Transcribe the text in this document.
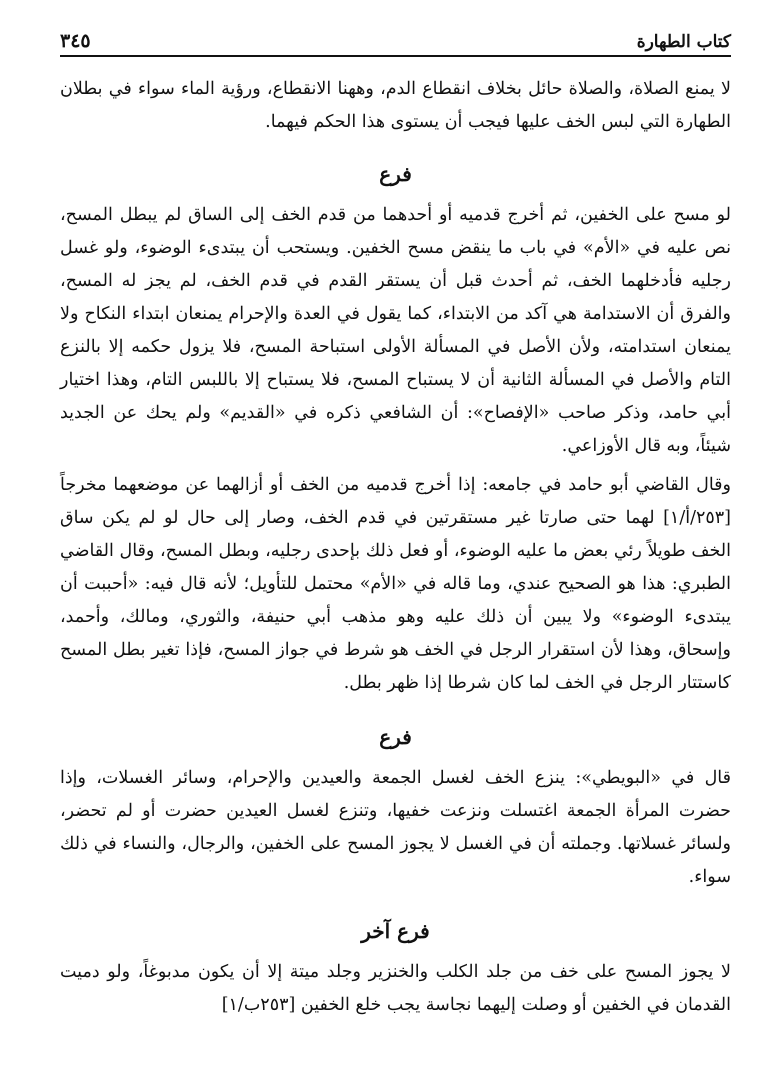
كتاب الطهارة
٣٤٥

لا يمنع الصلاة، والصلاة حائل بخلاف انقطاع الدم، وههنا الانقطاع، ورؤية الماء سواء في بطلان الطهارة التي لبس الخف عليها فيجب أن يستوى هذا الحكم فيهما.

فرع

لو مسح على الخفين، ثم أخرج قدميه أو أحدهما من قدم الخف إلى الساق لم يبطل المسح، نص عليه في «الأم» في باب ما ينقض مسح الخفين. ويستحب أن يبتدىء الوضوء، ولو غسل رجليه فأدخلهما الخف، ثم أحدث قبل أن يستقر القدم في قدم الخف، لم يجز له المسح، والفرق أن الاستدامة هي آكد من الابتداء، كما يقول في العدة والإحرام يمنعان ابتداء النكاح ولا يمنعان استدامته، ولأن الأصل في المسألة الأولى استباحة المسح، فلا يزول حكمه إلا بالنزع التام والأصل في المسألة الثانية أن لا يستباح المسح، فلا يستباح إلا باللبس التام، وهذا اختيار أبي حامد، وذكر صاحب «الإفصاح»: أن الشافعي ذكره في «القديم» ولم يحك عن الجديد شيئاً، وبه قال الأوزاعي.

وقال القاضي أبو حامد في جامعه: إذا أخرج قدميه من الخف أو أزالهما عن موضعهما مخرجاً [٢٥٣/أ/١] لهما حتى صارتا غير مستقرتين في قدم الخف، وصار إلى حال لو لم يكن ساق الخف طويلاً رئي بعض ما عليه الوضوء، أو فعل ذلك بإحدى رجليه، وبطل المسح، وقال القاضي الطبري: هذا هو الصحيح عندي، وما قاله في «الأم» محتمل للتأويل؛ لأنه قال فيه: «أحببت أن يبتدىء الوضوء» ولا يبين أن ذلك عليه وهو مذهب أبي حنيفة، والثوري، ومالك، وأحمد، وإسحاق، وهذا لأن استقرار الرجل في الخف هو شرط في جواز المسح، فإذا تغير بطل المسح كاستتار الرجل في الخف لما كان شرطا إذا ظهر بطل.

فرع

قال في «البويطي»: ينزع الخف لغسل الجمعة والعيدين والإحرام، وسائر الغسلات، وإذا حضرت المرأة الجمعة اغتسلت ونزعت خفيها، وتنزع لغسل العيدين حضرت أو لم تحضر، ولسائر غسلاتها. وجملته أن في الغسل لا يجوز المسح على الخفين، والرجال، والنساء في ذلك سواء.

فرع آخر

لا يجوز المسح على خف من جلد الكلب والخنزير وجلد ميتة إلا أن يكون مدبوغاً، ولو دميت القدمان في الخفين أو وصلت إليهما نجاسة يجب خلع الخفين [٢٥٣ب/١]
